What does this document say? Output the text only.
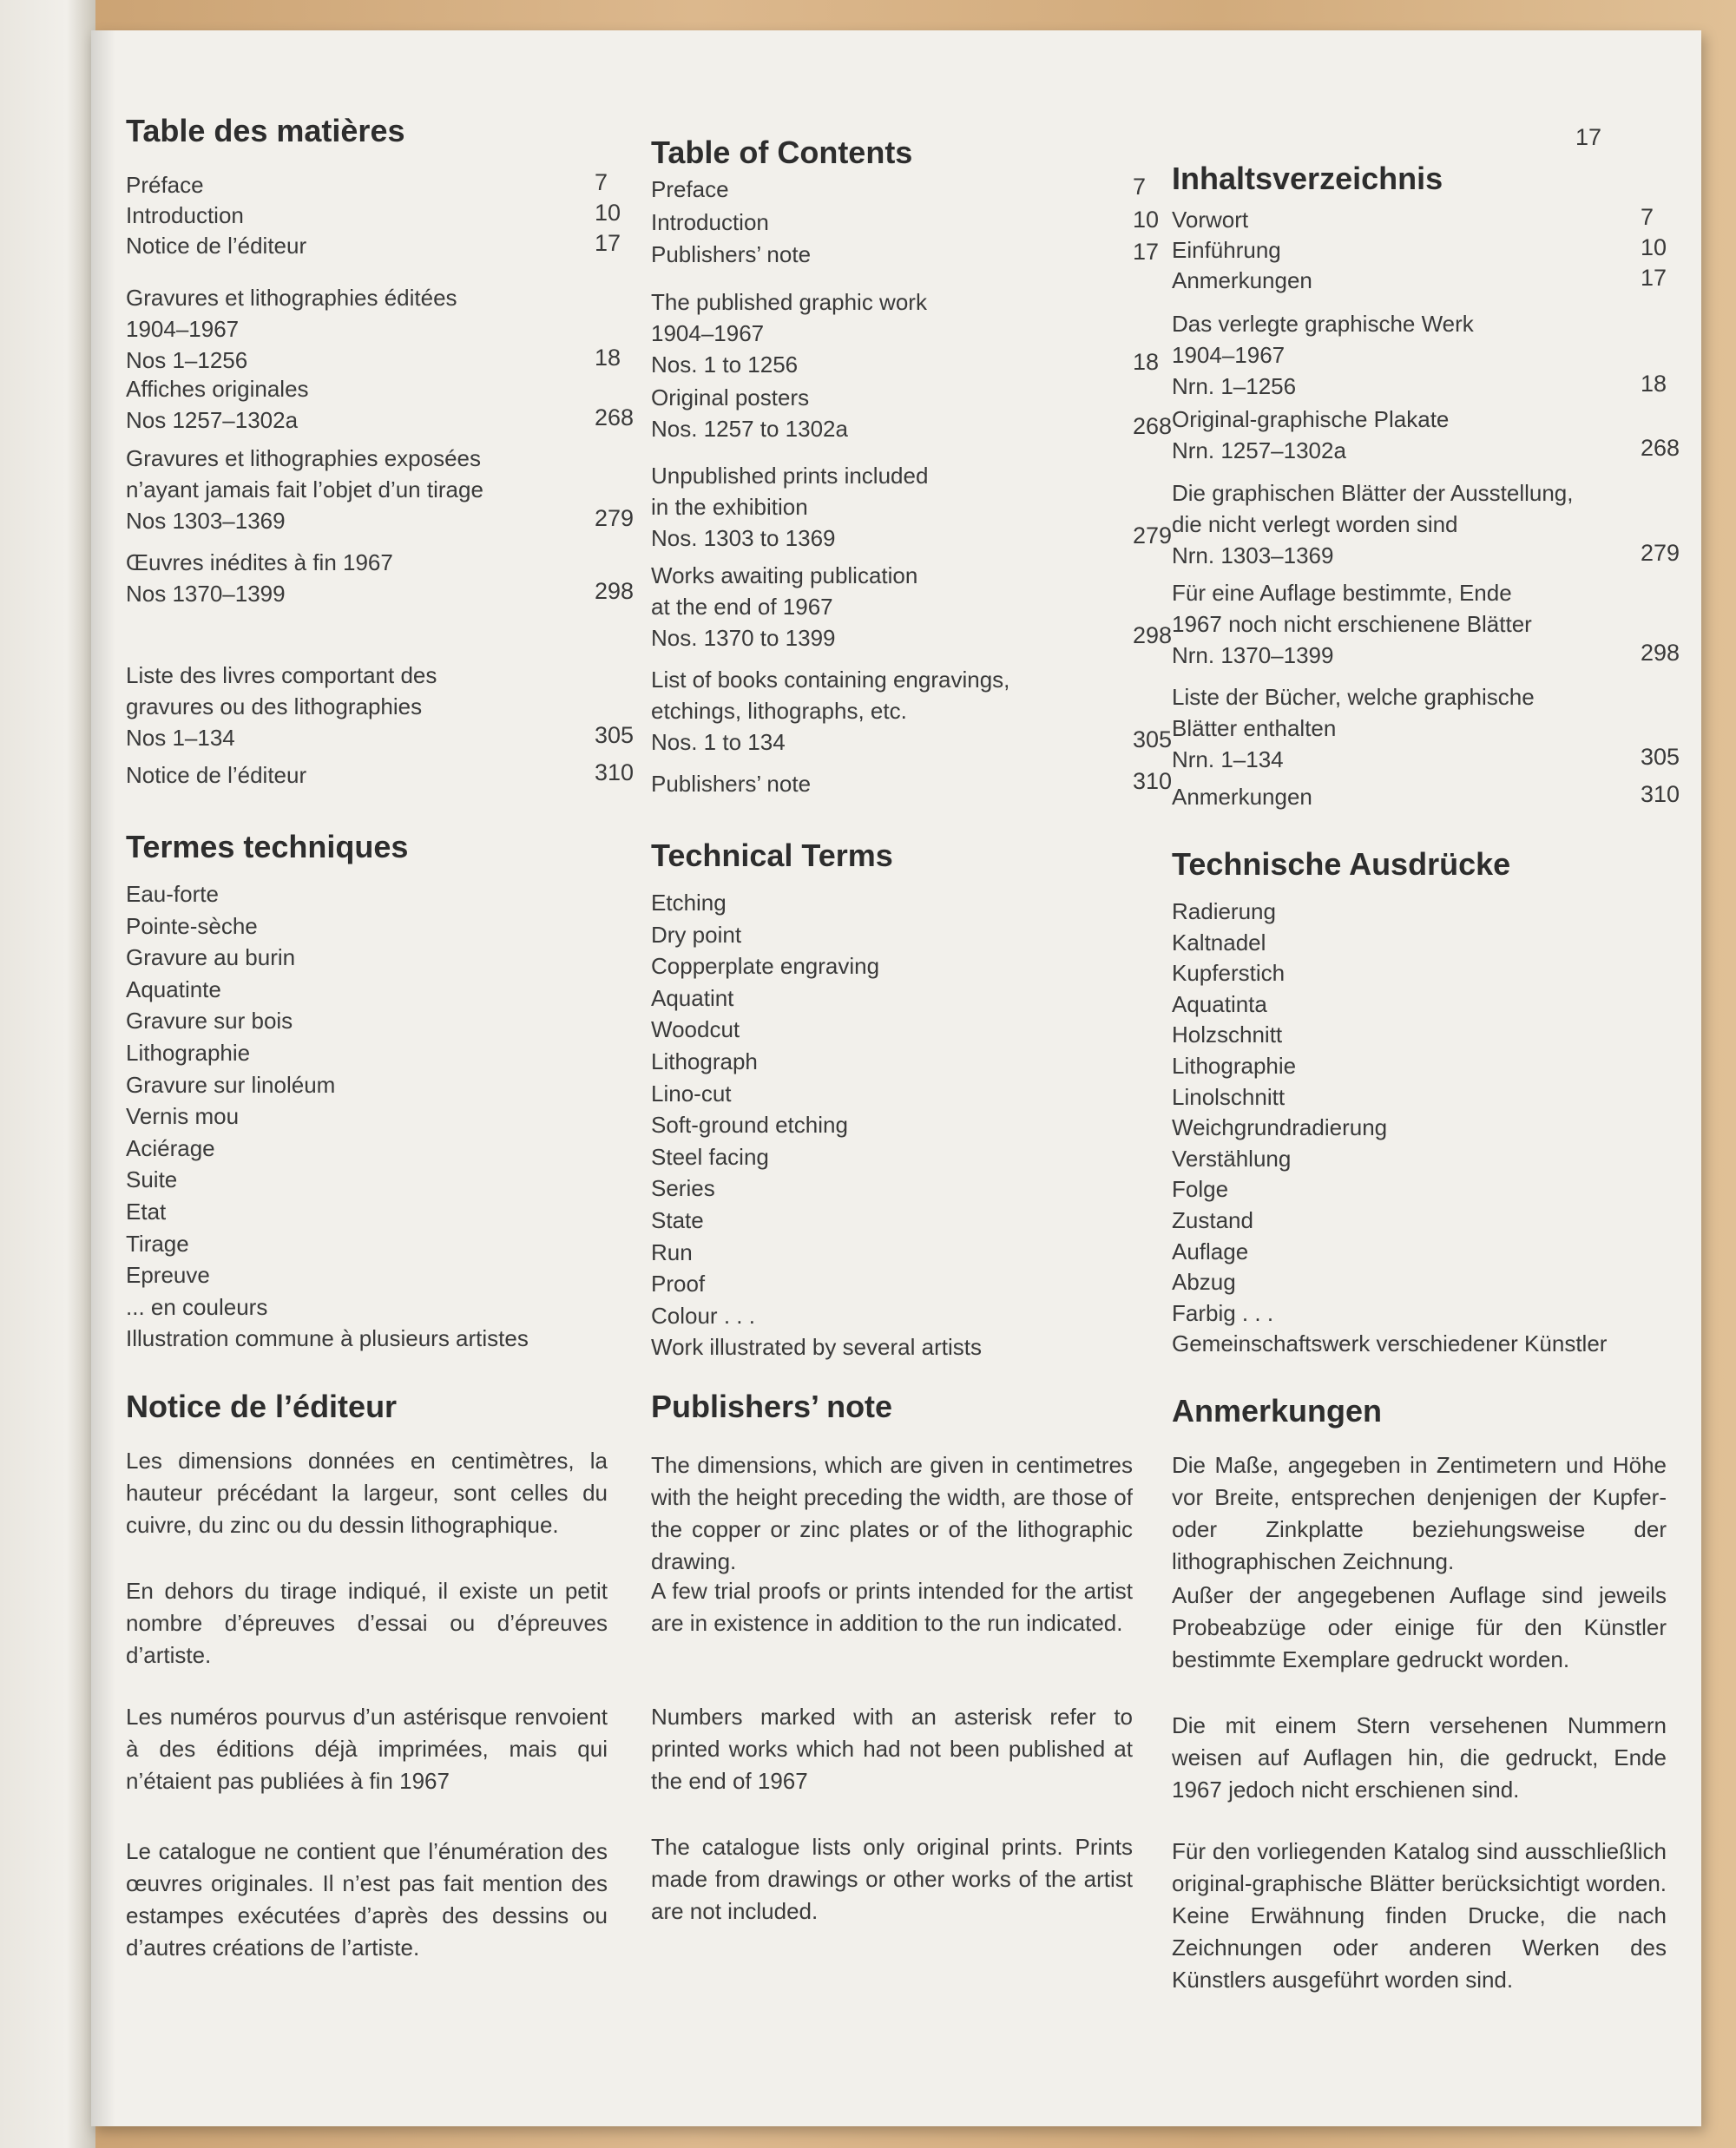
17
Table des matières
Préface	7
Introduction	10
Notice de l’éditeur	17
Gravures et lithographies éditées
1904–1967
Nos 1–1256	18
Affiches originales
Nos 1257–1302a	268
Gravures et lithographies exposées
n’ayant jamais fait l’objet d’un tirage
Nos 1303–1369	279
Œuvres inédites à fin 1967
Nos 1370–1399	298
Liste des livres comportant des
gravures ou des lithographies
Nos 1–134	305
Notice de l’éditeur	310
Termes techniques
Eau-forte
Pointe-sèche
Gravure au burin
Aquatinte
Gravure sur bois
Lithographie
Gravure sur linoléum
Vernis mou
Aciérage
Suite
Etat
Tirage
Epreuve
... en couleurs
Illustration commune à plusieurs artistes
Notice de l’éditeur
Les dimensions données en centimètres, la hauteur précédant la largeur, sont celles du cuivre, du zinc ou du dessin lithographique.
En dehors du tirage indiqué, il existe un petit nombre d’épreuves d’essai ou d’épreuves d’artiste.
Les numéros pourvus d’un astérisque renvoient à des éditions déjà imprimées, mais qui n’étaient pas publiées à fin 1967
Le catalogue ne contient que l’énumération des œuvres originales. Il n’est pas fait mention des estampes exécutées d’après des dessins ou d’autres créations de l’artiste.
Table of Contents
Preface	7
Introduction	10
Publishers’ note	17
The published graphic work
1904–1967
Nos. 1 to 1256	18
Original posters
Nos. 1257 to 1302a	268
Unpublished prints included
in the exhibition
Nos. 1303 to 1369	279
Works awaiting publication
at the end of 1967
Nos. 1370 to 1399	298
List of books containing engravings,
etchings, lithographs, etc.
Nos. 1 to 134	305
Publishers’ note	310
Technical Terms
Etching
Dry point
Copperplate engraving
Aquatint
Woodcut
Lithograph
Lino-cut
Soft-ground etching
Steel facing
Series
State
Run
Proof
Colour . . .
Work illustrated by several artists
Publishers’ note
The dimensions, which are given in centimetres with the height preceding the width, are those of the copper or zinc plates or of the lithographic drawing.
A few trial proofs or prints intended for the artist are in existence in addition to the run indicated.
Numbers marked with an asterisk refer to printed works which had not been published at the end of 1967
The catalogue lists only original prints. Prints made from drawings or other works of the artist are not included.
Inhaltsverzeichnis
Vorwort	7
Einführung	10
Anmerkungen	17
Das verlegte graphische Werk
1904–1967
Nrn. 1–1256	18
Original-graphische Plakate
Nrn. 1257–1302a	268
Die graphischen Blätter der Ausstellung,
die nicht verlegt worden sind
Nrn. 1303–1369	279
Für eine Auflage bestimmte, Ende
1967 noch nicht erschienene Blätter
Nrn. 1370–1399	298
Liste der Bücher, welche graphische
Blätter enthalten
Nrn. 1–134	305
Anmerkungen	310
Technische Ausdrücke
Radierung
Kaltnadel
Kupferstich
Aquatinta
Holzschnitt
Lithographie
Linolschnitt
Weichgrundradierung
Verstählung
Folge
Zustand
Auflage
Abzug
Farbig . . .
Gemeinschaftswerk verschiedener Künstler
Anmerkungen
Die Maße, angegeben in Zentimetern und Höhe vor Breite, entsprechen denjenigen der Kupfer- oder Zinkplatte beziehungsweise der lithographischen Zeichnung.
Außer der angegebenen Auflage sind jeweils Probeabzüge oder einige für den Künstler bestimmte Exemplare gedruckt worden.
Die mit einem Stern versehenen Nummern weisen auf Auflagen hin, die gedruckt, Ende 1967 jedoch nicht erschienen sind.
Für den vorliegenden Katalog sind ausschließlich original-graphische Blätter berücksichtigt worden. Keine Erwähnung finden Drucke, die nach Zeichnungen oder anderen Werken des Künstlers ausgeführt worden sind.
